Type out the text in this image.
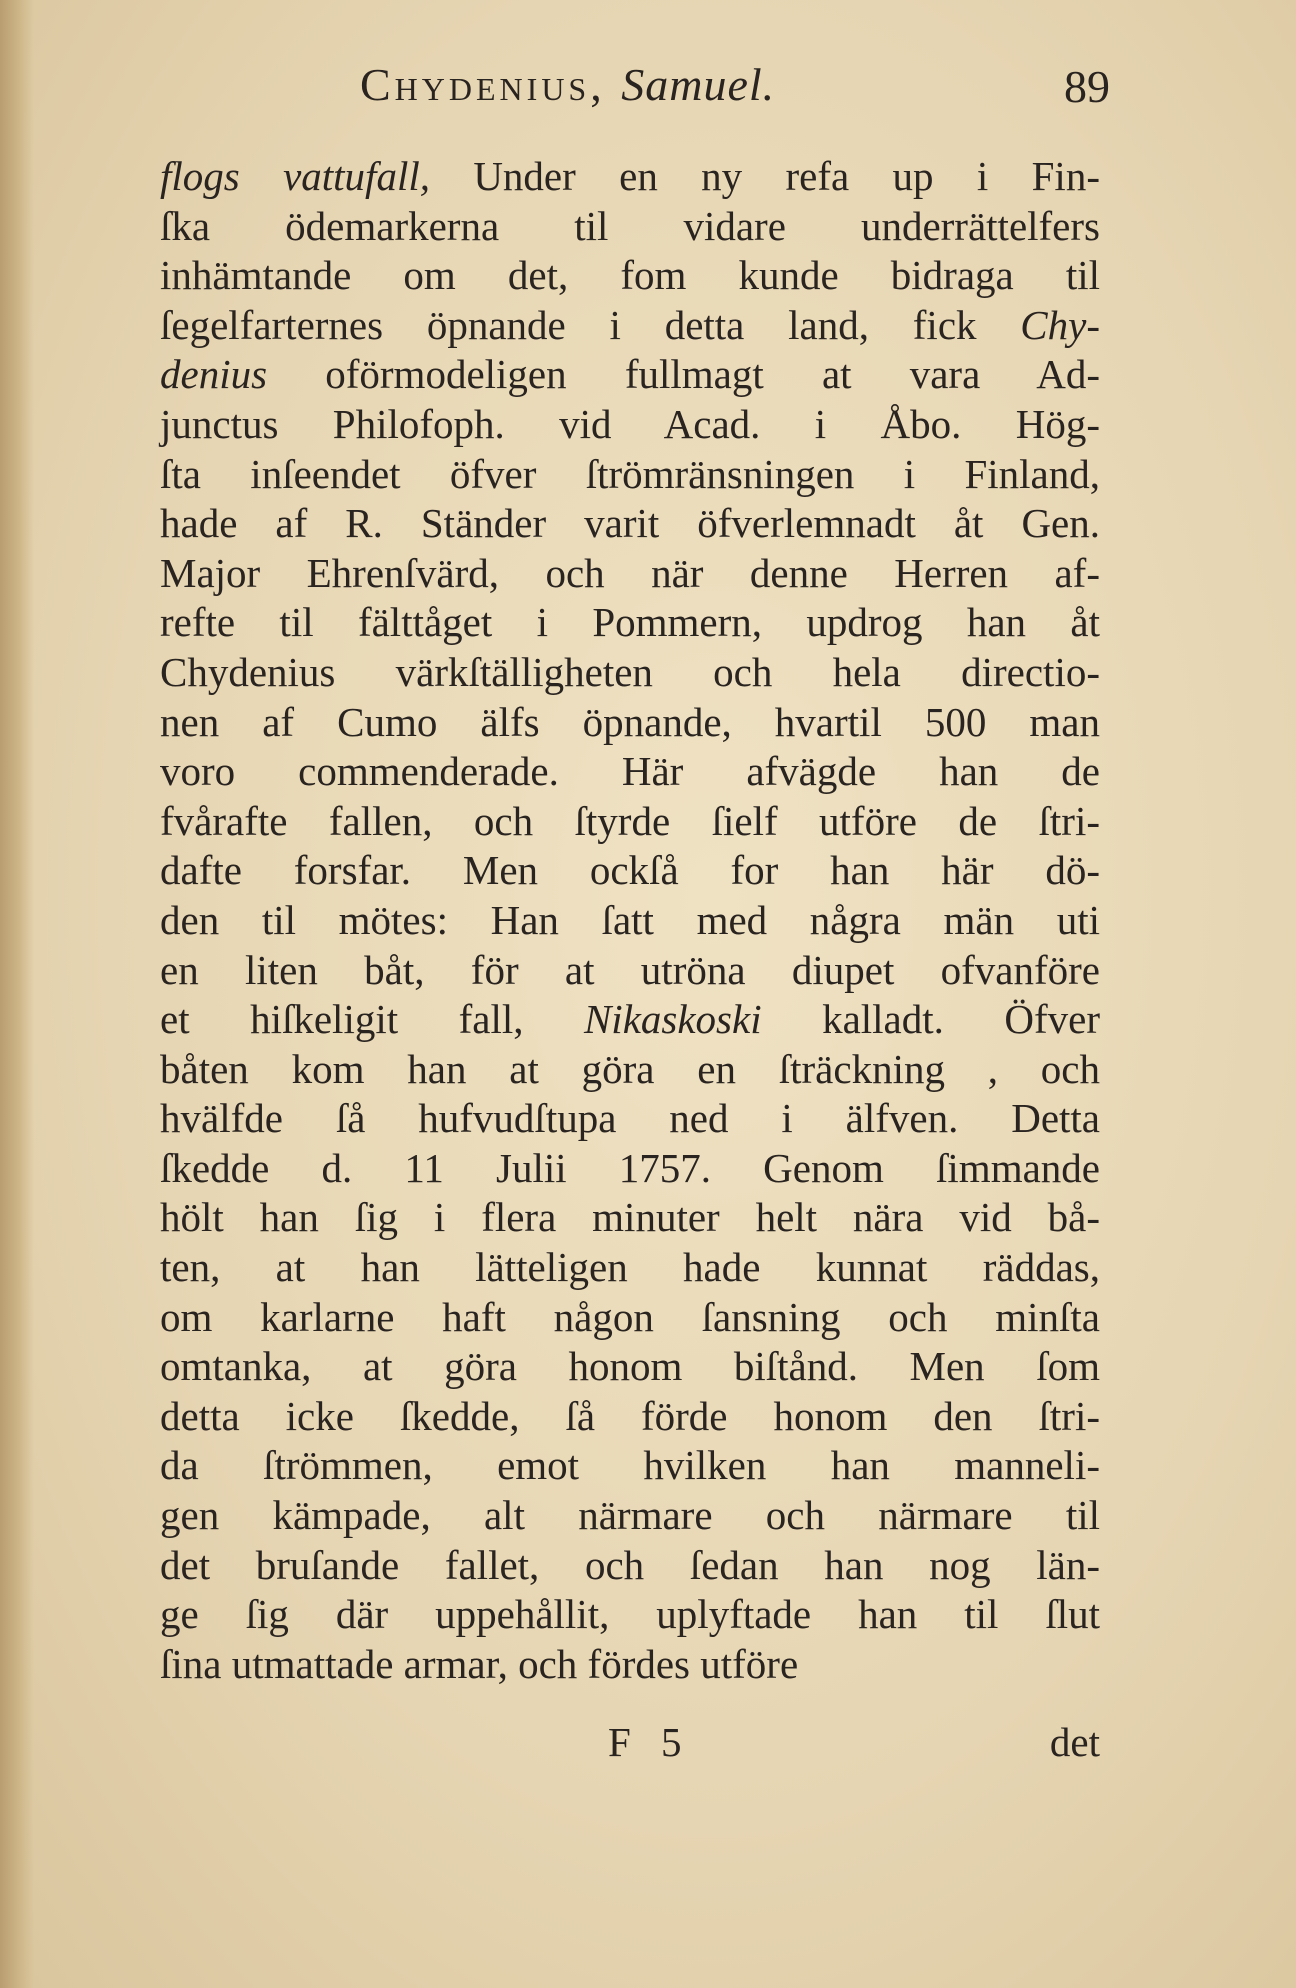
Chydenius, Samuel.	89
flogs vattufall, Under en ny refa up i Fin-
ſka ödemarkerna til vidare underrättelfers
inhämtande om det, fom kunde bidraga til
ſegelfarternes öpnande i detta land, fick Chy-
denius oförmodeligen fullmagt at vara Ad-
junctus Philofoph. vid Acad. i Åbo. Hög-
ſta inſeendet öfver ſtrömränsningen i Finland,
hade af R. Ständer varit öfverlemnadt åt Gen.
Major Ehrenſvärd, och när denne Herren af-
refte til fälttåget i Pommern, updrog han åt
Chydenius värkſtälligheten och hela directio-
nen af Cumo älfs öpnande, hvartil 500 man
voro commenderade. Här afvägde han de
fvårafte fallen, och ſtyrde ſielf utföre de ſtri-
dafte forsfar. Men ockſå for han här dö-
den til mötes: Han ſatt med några män uti
en liten båt, för at utröna diupet ofvanföre
et hiſkeligit fall, Nikaskoski kalladt. Öfver
båten kom han at göra en ſträckning , och
hvälfde ſå hufvudſtupa ned i älfven. Detta
ſkedde d. 11 Julii 1757. Genom ſimmande
hölt han ſig i flera minuter helt nära vid bå-
ten, at han lätteligen hade kunnat räddas,
om karlarne haft någon ſansning och minſta
omtanka, at göra honom biſtånd. Men ſom
detta icke ſkedde, ſå förde honom den ſtri-
da ſtrömmen, emot hvilken han manneli-
gen kämpade, alt närmare och närmare til
det bruſande fallet, och ſedan han nog län-
ge ſig där uppehållit, uplyftade han til ſlut
ſina utmattade armar, och fördes utföre
F 5	det
